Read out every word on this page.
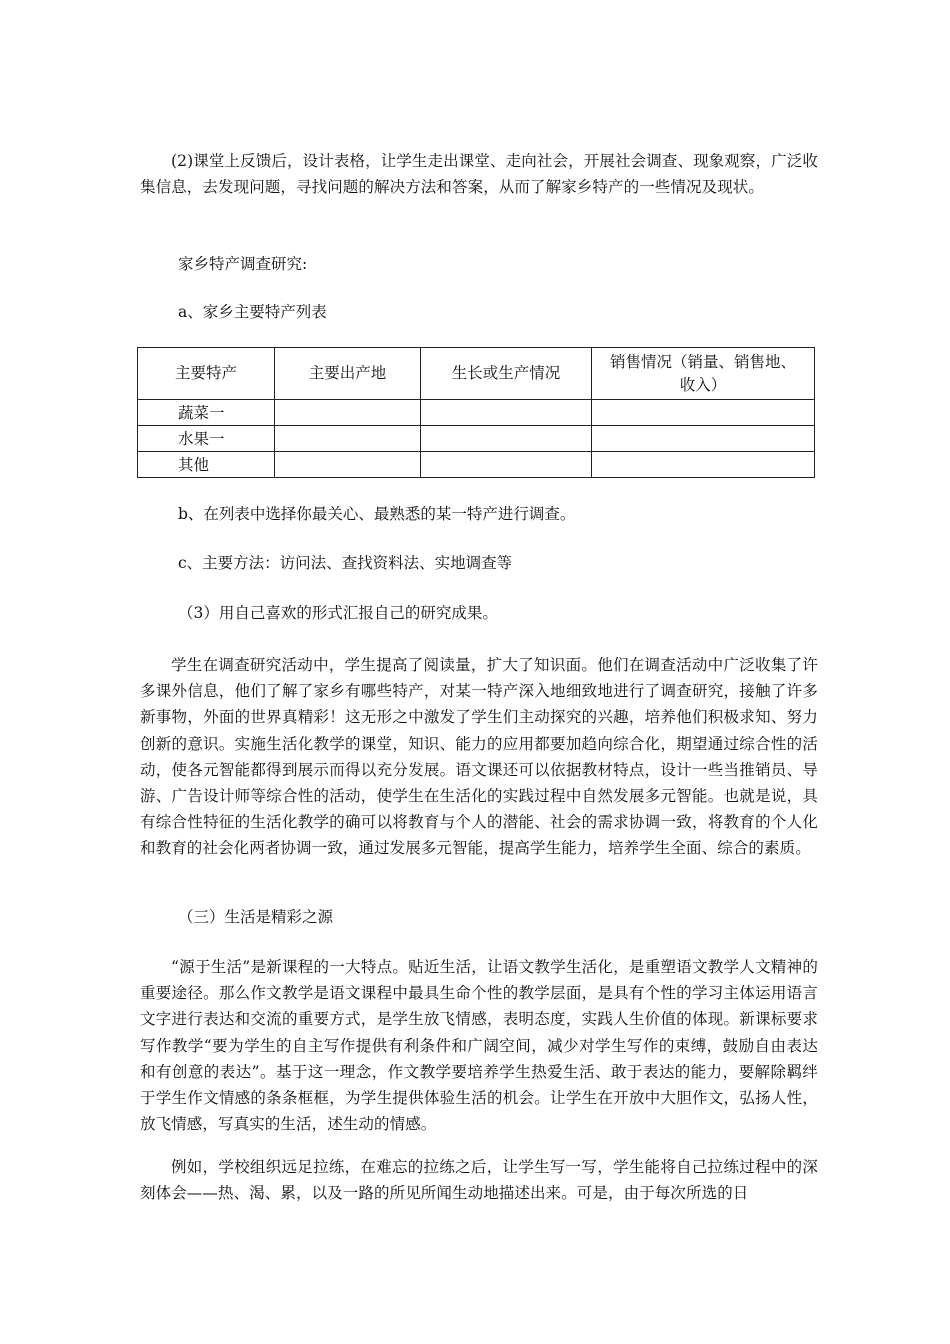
(2)课堂上反馈后，设计表格，让学生走出课堂、走向社会，开展社会调查、现象观察，广泛收集信息，去发现问题，寻找问题的解决方法和答案，从而了解家乡特产的一些情况及现状。

家乡特产调查研究:

a、家乡主要特产列表

主要特产	主要出产地	生长或生产情况	销售情况（销量、销售地、收入）
蔬菜一			
水果一			
其他			

b、在列表中选择你最关心、最熟悉的某一特产进行调查。

c、主要方法：访问法、查找资料法、实地调查等

（3）用自己喜欢的形式汇报自己的研究成果。

学生在调查研究活动中，学生提高了阅读量，扩大了知识面。他们在调查活动中广泛收集了许多课外信息，他们了解了家乡有哪些特产，对某一特产深入地细致地进行了调查研究，接触了许多新事物，外面的世界真精彩！这无形之中激发了学生们主动探究的兴趣，培养他们积极求知、努力创新的意识。实施生活化教学的课堂，知识、能力的应用都要加趋向综合化，期望通过综合性的活动，使各元智能都得到展示而得以充分发展。语文课还可以依据教材特点，设计一些当推销员、导游、广告设计师等综合性的活动，使学生在生活化的实践过程中自然发展多元智能。也就是说，具有综合性特征的生活化教学的确可以将教育与个人的潜能、社会的需求协调一致，将教育的个人化和教育的社会化两者协调一致，通过发展多元智能，提高学生能力，培养学生全面、综合的素质。

（三）生活是精彩之源

“源于生活”是新课程的一大特点。贴近生活，让语文教学生活化，是重塑语文教学人文精神的重要途径。那么作文教学是语文课程中最具生命个性的教学层面，是具有个性的学习主体运用语言文字进行表达和交流的重要方式，是学生放飞情感，表明态度，实践人生价值的体现。新课标要求写作教学“要为学生的自主写作提供有利条件和广阔空间，减少对学生写作的束缚，鼓励自由表达和有创意的表达”。基于这一理念，作文教学要培养学生热爱生活、敢于表达的能力，要解除羁绊于学生作文情感的条条框框，为学生提供体验生活的机会。让学生在开放中大胆作文，弘扬人性，放飞情感，写真实的生活，述生动的情感。

例如，学校组织远足拉练，在难忘的拉练之后，让学生写一写，学生能将自己拉练过程中的深刻体会——热、渴、累，以及一路的所见所闻生动地描述出来。可是，由于每次所选的日
